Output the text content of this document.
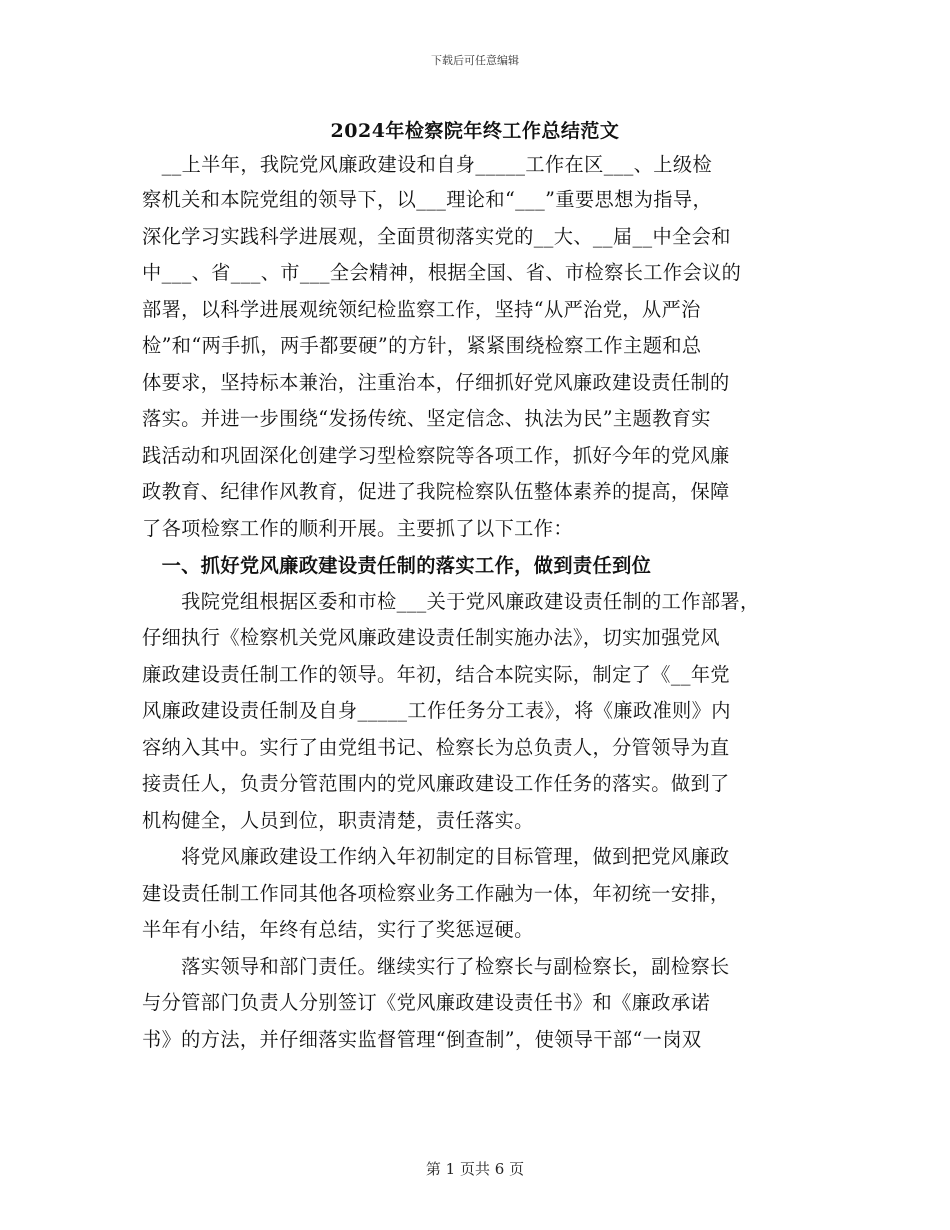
下载后可任意编辑
2024年检察院年终工作总结范文
　__上半年，我院党风廉政建设和自身_____工作在区___、上级检
察机关和本院党组的领导下，以___理论和“___”重要思想为指导，
深化学习实践科学进展观，全面贯彻落实党的__大、__届__中全会和
中___、省___、市___全会精神，根据全国、省、市检察长工作会议的
部署，以科学进展观统领纪检监察工作，坚持“从严治党，从严治
检”和“两手抓，两手都要硬”的方针，紧紧围绕检察工作主题和总
体要求，坚持标本兼治，注重治本，仔细抓好党风廉政建设责任制的
落实。并进一步围绕“发扬传统、坚定信念、执法为民”主题教育实
践活动和巩固深化创建学习型检察院等各项工作，抓好今年的党风廉
政教育、纪律作风教育，促进了我院检察队伍整体素养的提高，保障
了各项检察工作的顺利开展。主要抓了以下工作：
　一、抓好党风廉政建设责任制的落实工作，做到责任到位
　　我院党组根据区委和市检___关于党风廉政建设责任制的工作部署，
仔细执行《检察机关党风廉政建设责任制实施办法》，切实加强党风
廉政建设责任制工作的领导。年初，结合本院实际，制定了《__年党
风廉政建设责任制及自身_____工作任务分工表》，将《廉政准则》内
容纳入其中。实行了由党组书记、检察长为总负责人，分管领导为直
接责任人，负责分管范围内的党风廉政建设工作任务的落实。做到了
机构健全，人员到位，职责清楚，责任落实。
　　将党风廉政建设工作纳入年初制定的目标管理，做到把党风廉政
建设责任制工作同其他各项检察业务工作融为一体，年初统一安排，
半年有小结，年终有总结，实行了奖惩逗硬。
　　落实领导和部门责任。继续实行了检察长与副检察长，副检察长
与分管部门负责人分别签订《党风廉政建设责任书》和《廉政承诺
书》的方法，并仔细落实监督管理“倒查制”，使领导干部“一岗双
第 1 页共 6 页
